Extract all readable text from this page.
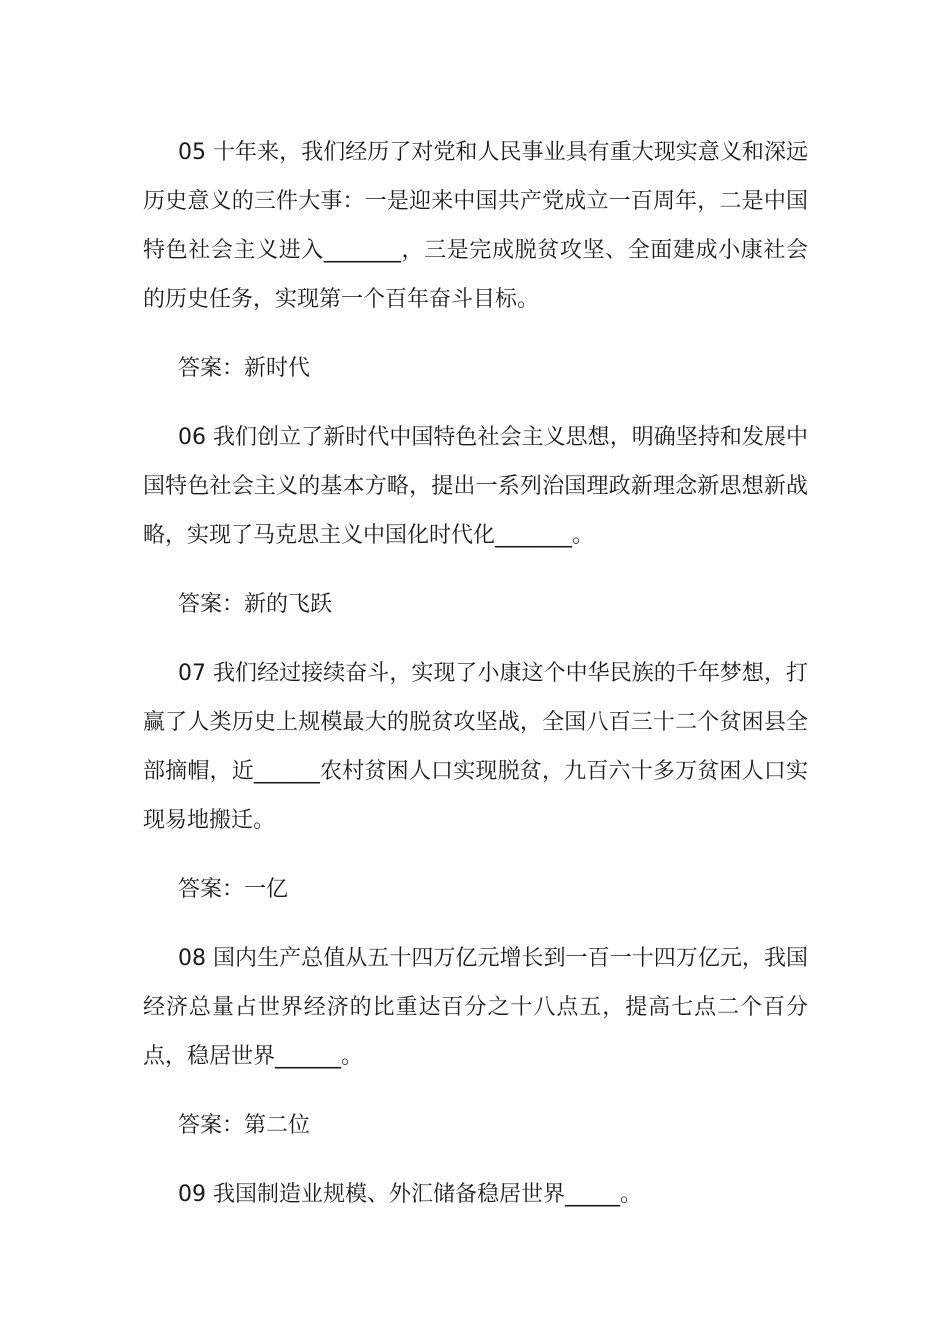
05 十年来，我们经历了对党和人民事业具有重大现实意义和深远历史意义的三件大事：一是迎来中国共产党成立一百周年，二是中国特色社会主义进入_______，三是完成脱贫攻坚、全面建成小康社会的历史任务，实现第一个百年奋斗目标。

答案：新时代

06 我们创立了新时代中国特色社会主义思想，明确坚持和发展中国特色社会主义的基本方略，提出一系列治国理政新理念新思想新战略，实现了马克思主义中国化时代化_______。

答案：新的飞跃

07 我们经过接续奋斗，实现了小康这个中华民族的千年梦想，打赢了人类历史上规模最大的脱贫攻坚战，全国八百三十二个贫困县全部摘帽，近______农村贫困人口实现脱贫，九百六十多万贫困人口实现易地搬迁。

答案：一亿

08 国内生产总值从五十四万亿元增长到一百一十四万亿元，我国经济总量占世界经济的比重达百分之十八点五，提高七点二个百分点，稳居世界______。

答案：第二位

09 我国制造业规模、外汇储备稳居世界_____。
